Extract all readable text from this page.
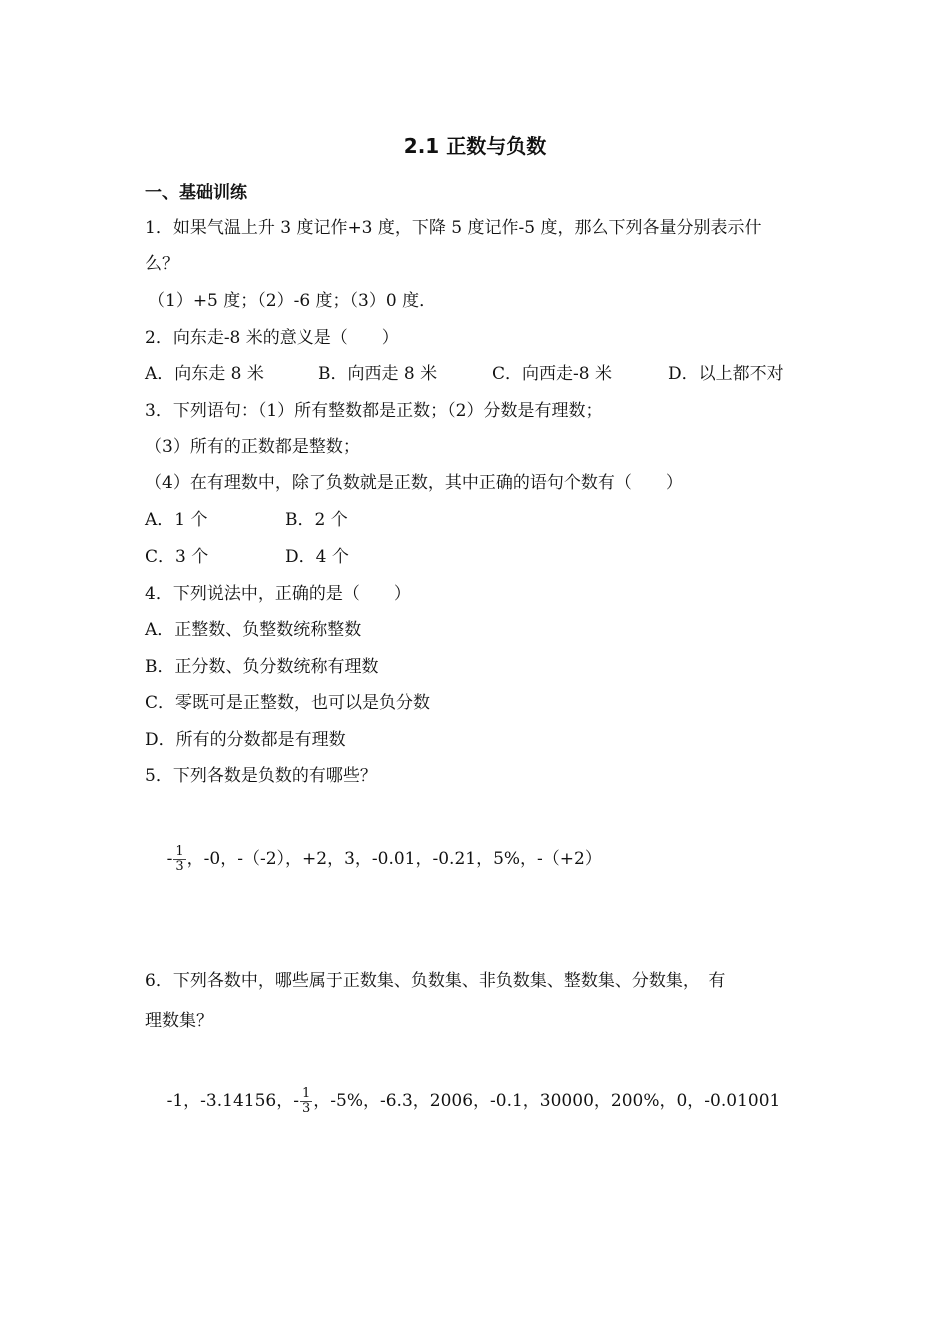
2.1 正数与负数
一、基础训练
1．如果气温上升 3 度记作+3 度，下降 5 度记作-5 度，那么下列各量分别表示什
么？
（1）+5 度；（2）-6 度；（3）0 度．
2．向东走-8 米的意义是（　　）
A．向东走 8 米	B．向西走 8 米	C．向西走-8 米	D．以上都不对
3．下列语句：（1）所有整数都是正数；（2）分数是有理数；
（3）所有的正数都是整数；
（4）在有理数中，除了负数就是正数，其中正确的语句个数有（　　）
A．1 个	B．2 个
C．3 个	D．4 个
4．下列说法中，正确的是（　　）
A．正整数、负整数统称整数
B．正分数、负分数统称有理数
C．零既可是正整数，也可以是负分数
D．所有的分数都是有理数
5．下列各数是负数的有哪些？

- $\frac{1}{3}$ ，-0，-（-2），+2，3，-0.01，-0.21，5%，-（+2）

6．下列各数中，哪些属于正数集、负数集、非负数集、整数集、分数集，　有
理数集？

-1，-3.14156，- $\frac{1}{3}$ ，-5%，-6.3，2006，-0.1，30000，200%，0，-0.01001
